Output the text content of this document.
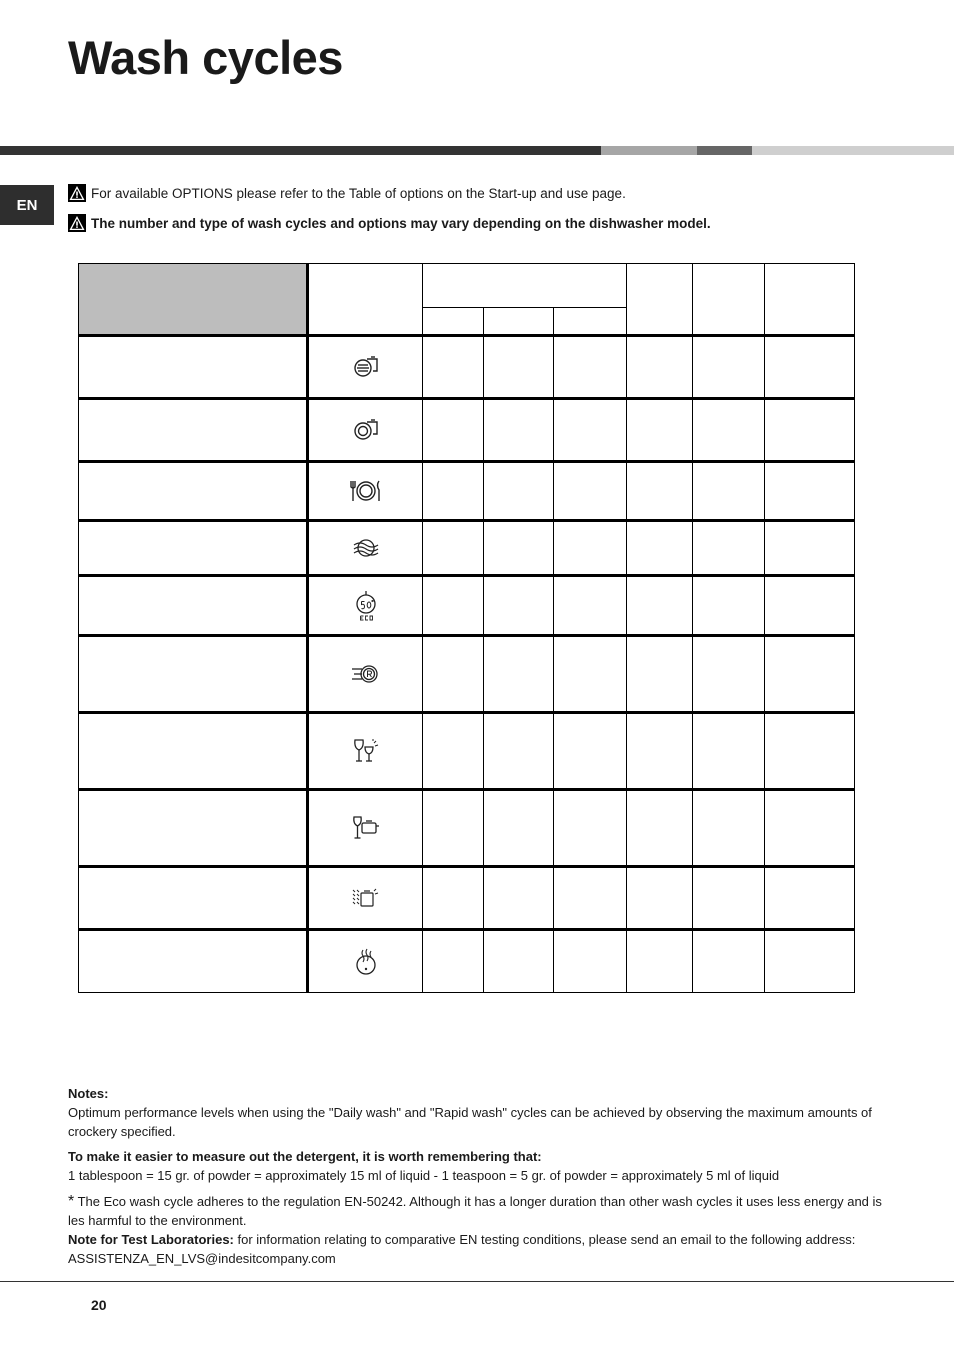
Wash cycles
EN
For available OPTIONS please refer to the Table of options on the Start-up and use page.
The number and type of wash cycles and options may vary depending on the dishwasher model.

Notes:

Optimum performance levels when using the "Daily wash" and "Rapid wash" cycles can be achieved by observing the maximum amounts of crockery specified.

To make it easier to measure out the detergent, it is worth remembering that:

1 tablespoon = 15 gr. of powder = approximately 15 ml of liquid - 1 teaspoon = 5 gr. of powder = approximately 5 ml of liquid

* The Eco wash cycle adheres to the regulation EN-50242. Although it has a longer duration than other wash cycles it uses less energy and is les harmful to the environment.

Note for Test Laboratories: for information relating to comparative EN testing conditions, please send an email to the following address:

ASSISTENZA_EN_LVS@indesitcompany.com

20
